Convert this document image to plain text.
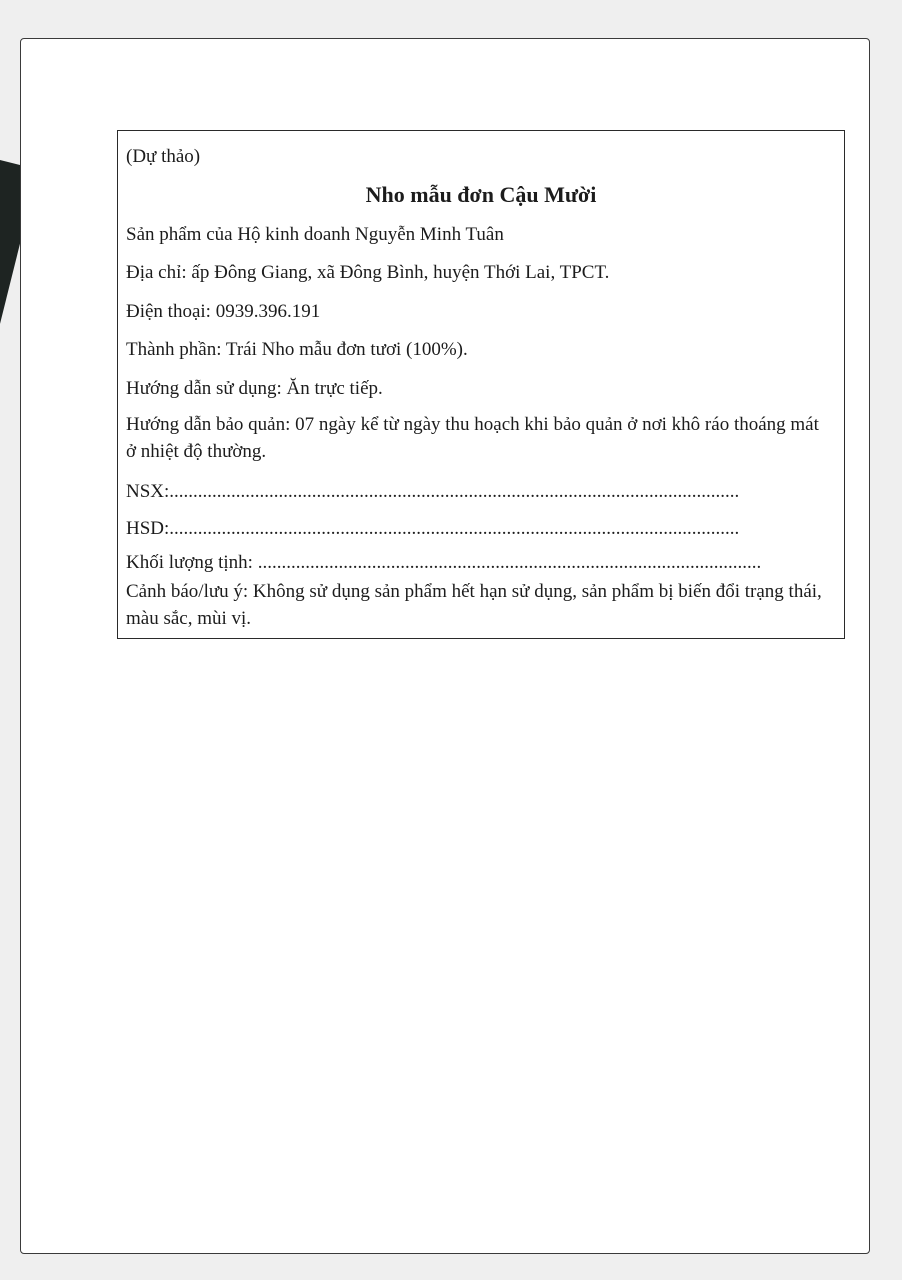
(Dự thảo)
Nho mẫu đơn Cậu Mười
Sản phẩm của Hộ kinh doanh Nguyễn Minh Tuân
Địa chỉ: ấp Đông Giang, xã Đông Bình, huyện Thới Lai, TPCT.
Điện thoại: 0939.396.191
Thành phần: Trái Nho mẫu đơn tươi (100%).
Hướng dẫn sử dụng: Ăn trực tiếp.
Hướng dẫn bảo quản: 07 ngày kể từ ngày thu hoạch khi bảo quản ở nơi khô ráo thoáng mát ở nhiệt độ thường.
NSX:........................................................................................................................
HSD:........................................................................................................................
Khối lượng tịnh: ..........................................................................................................
Cảnh báo/lưu ý: Không sử dụng sản phẩm hết hạn sử dụng, sản phẩm bị biến đổi trạng thái, màu sắc, mùi vị.
